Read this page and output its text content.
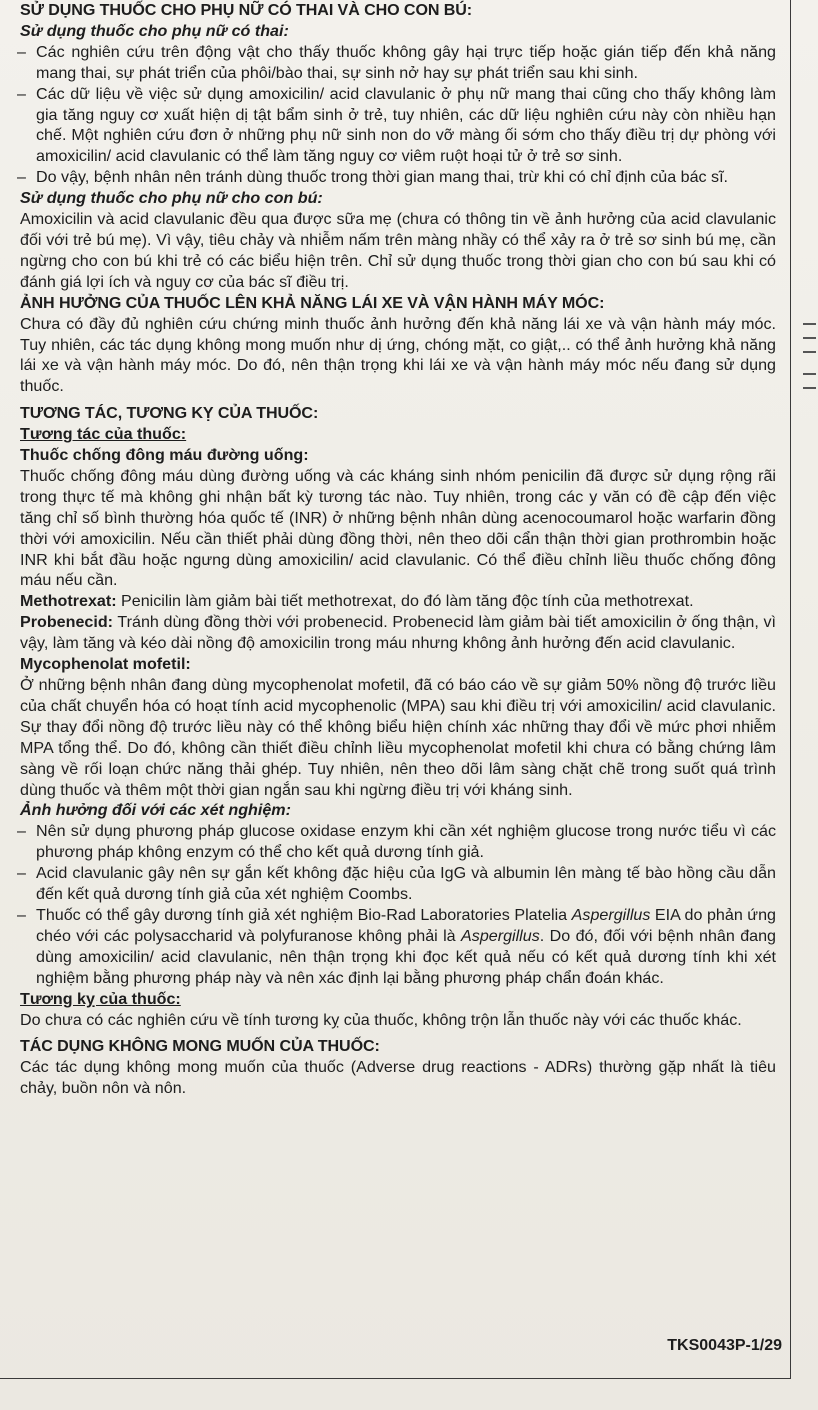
SỬ DỤNG THUỐC CHO PHỤ NỮ CÓ THAI VÀ CHO CON BÚ:
Sử dụng thuốc cho phụ nữ có thai:
– Các nghiên cứu trên động vật cho thấy thuốc không gây hại trực tiếp hoặc gián tiếp đến khả năng mang thai, sự phát triển của phôi/bào thai, sự sinh nở hay sự phát triển sau khi sinh.
– Các dữ liệu về việc sử dụng amoxicilin/ acid clavulanic ở phụ nữ mang thai cũng cho thấy không làm gia tăng nguy cơ xuất hiện dị tật bẩm sinh ở trẻ, tuy nhiên, các dữ liệu nghiên cứu này còn nhiều hạn chế. Một nghiên cứu đơn ở những phụ nữ sinh non do vỡ màng ối sớm cho thấy điều trị dự phòng với amoxicilin/ acid clavulanic có thể làm tăng nguy cơ viêm ruột hoại tử ở trẻ sơ sinh.
– Do vậy, bệnh nhân nên tránh dùng thuốc trong thời gian mang thai, trừ khi có chỉ định của bác sĩ.
Sử dụng thuốc cho phụ nữ cho con bú:

Amoxicilin và acid clavulanic đều qua được sữa mẹ (chưa có thông tin về ảnh hưởng của acid clavulanic đối với trẻ bú mẹ). Vì vậy, tiêu chảy và nhiễm nấm trên màng nhầy có thể xảy ra ở trẻ sơ sinh bú mẹ, cần ngừng cho con bú khi trẻ có các biểu hiện trên. Chỉ sử dụng thuốc trong thời gian cho con bú sau khi có đánh giá lợi ích và nguy cơ của bác sĩ điều trị.

ẢNH HƯỞNG CỦA THUỐC LÊN KHẢ NĂNG LÁI XE VÀ VẬN HÀNH MÁY MÓC:

Chưa có đầy đủ nghiên cứu chứng minh thuốc ảnh hưởng đến khả năng lái xe và vận hành máy móc. Tuy nhiên, các tác dụng không mong muốn như dị ứng, chóng mặt, co giật,.. có thể ảnh hưởng khả năng lái xe và vận hành máy móc. Do đó, nên thận trọng khi lái xe và vận hành máy móc nếu đang sử dụng thuốc.

TƯƠNG TÁC, TƯƠNG KỴ CỦA THUỐC:
Tương tác của thuốc:
Thuốc chống đông máu đường uống:

Thuốc chống đông máu dùng đường uống và các kháng sinh nhóm penicilin đã được sử dụng rộng rãi trong thực tế mà không ghi nhận bất kỳ tương tác nào. Tuy nhiên, trong các y văn có đề cập đến việc tăng chỉ số bình thường hóa quốc tế (INR) ở những bệnh nhân dùng acenocoumarol hoặc warfarin đồng thời với amoxicilin. Nếu cần thiết phải dùng đồng thời, nên theo dõi cẩn thận thời gian prothrombin hoặc INR khi bắt đầu hoặc ngưng dùng amoxicilin/ acid clavulanic. Có thể điều chỉnh liều thuốc chống đông máu nếu cần.

Methotrexat: Penicilin làm giảm bài tiết methotrexat, do đó làm tăng độc tính của methotrexat.

Probenecid: Tránh dùng đồng thời với probenecid. Probenecid làm giảm bài tiết amoxicilin ở ống thận, vì vậy, làm tăng và kéo dài nồng độ amoxicilin trong máu nhưng không ảnh hưởng đến acid clavulanic.

Mycophenolat mofetil:

Ở những bệnh nhân đang dùng mycophenolat mofetil, đã có báo cáo về sự giảm 50% nồng độ trước liều của chất chuyển hóa có hoạt tính acid mycophenolic (MPA) sau khi điều trị với amoxicilin/ acid clavulanic. Sự thay đổi nồng độ trước liều này có thể không biểu hiện chính xác những thay đổi về mức phơi nhiễm MPA tổng thể. Do đó, không cần thiết điều chỉnh liều mycophenolat mofetil khi chưa có bằng chứng lâm sàng về rối loạn chức năng thải ghép. Tuy nhiên, nên theo dõi lâm sàng chặt chẽ trong suốt quá trình dùng thuốc và thêm một thời gian ngắn sau khi ngừng điều trị với kháng sinh.

Ảnh hưởng đối với các xét nghiệm:
– Nên sử dụng phương pháp glucose oxidase enzym khi cần xét nghiệm glucose trong nước tiểu vì các phương pháp không enzym có thể cho kết quả dương tính giả.
– Acid clavulanic gây nên sự gắn kết không đặc hiệu của IgG và albumin lên màng tế bào hồng cầu dẫn đến kết quả dương tính giả của xét nghiệm Coombs.
– Thuốc có thể gây dương tính giả xét nghiệm Bio-Rad Laboratories Platelia Aspergillus EIA do phản ứng chéo với các polysaccharid và polyfuranose không phải là Aspergillus. Do đó, đối với bệnh nhân đang dùng amoxicilin/ acid clavulanic, nên thận trọng khi đọc kết quả nếu có kết quả dương tính khi xét nghiệm bằng phương pháp này và nên xác định lại bằng phương pháp chẩn đoán khác.
Tương kỵ của thuốc:

Do chưa có các nghiên cứu về tính tương kỵ của thuốc, không trộn lẫn thuốc này với các thuốc khác.

TÁC DỤNG KHÔNG MONG MUỐN CỦA THUỐC:

Các tác dụng không mong muốn của thuốc (Adverse drug reactions - ADRs) thường gặp nhất là tiêu chảy, buồn nôn và nôn.

TKS0043P-1/29
